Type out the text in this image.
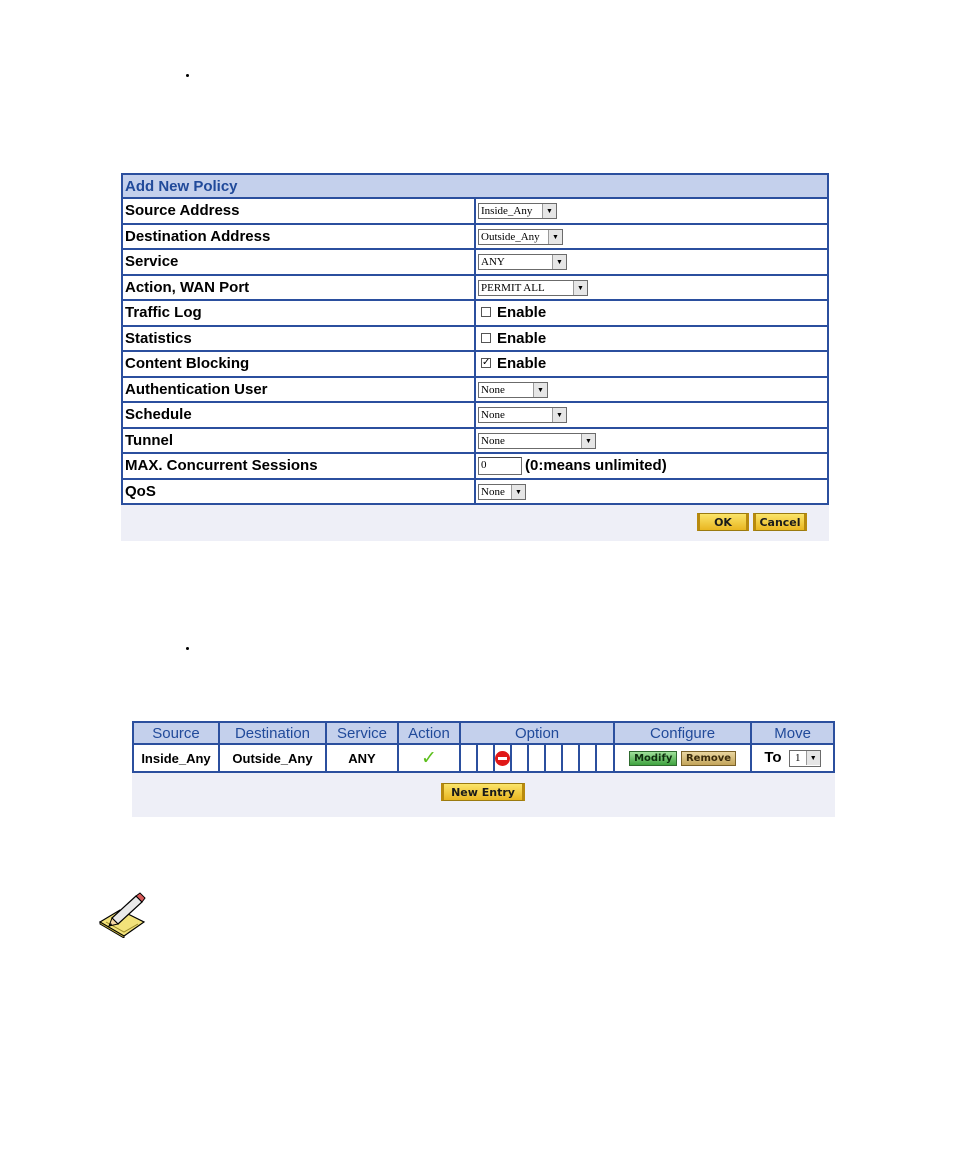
Add New Policy	
Source Address	Inside_Any ▼

Destination Address	Outside_Any ▼

Service	ANY ▼

Action, WAN Port	PERMIT ALL ▼

Traffic Log	Enable
Statistics	Enable
Content Blocking	✓ Enable
Authentication User	None ▼

Schedule	None ▼

Tunnel	None ▼

MAX. Concurrent Sessions	0 (0:means unlimited)
QoS	None ▼
OK	Cancel
Source	Destination	Service	Action	Option									Configure	Move
Inside_Any	Outside_Any	ANY	✓										Modify Remove	To 1 ▼
New Entry
